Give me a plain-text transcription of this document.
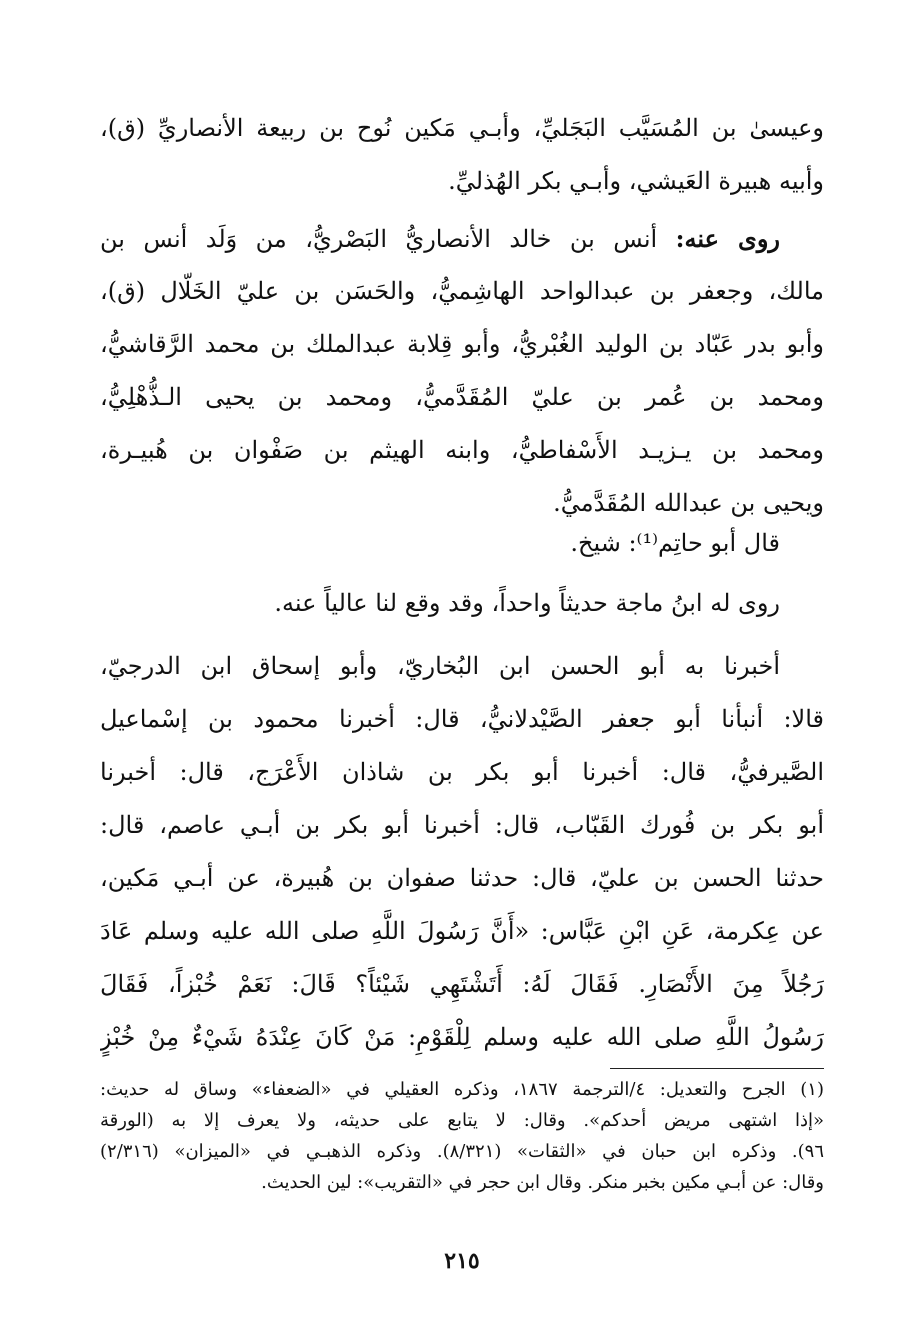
وعيسىٰ بن المُسَيَّب البَجَليِّ، وأبـي مَكين نُوح بن ربيعة الأنصاريِّ (ق)،
وأبيه هبيرة العَيشي، وأبـي بكر الهُذليِّ.
روى عنه: أنس بن خالد الأنصاريُّ البَصْريُّ، من وَلَد أنس بن
مالك، وجعفر بن عبدالواحد الهاشِميُّ، والحَسَن بن عليّ الخَلّال (ق)،
وأبو بدر عَبّاد بن الوليد الغُبْريُّ، وأبو قِلابة عبدالملك بن محمد الرَّقاشيُّ،
ومحمد بن عُمر بن عليّ المُقَدَّميُّ، ومحمد بن يحيى الـذُّهْلِيُّ،
ومحمد بن يـزيـد الأَسْفاطيُّ، وابنه الهيثم بن صَفْوان بن هُبيـرة،
ويحيى بن عبدالله المُقَدَّميُّ.
قال أبو حاتِم⁽¹⁾: شيخ.
روى له ابنُ ماجة حديثاً واحداً، وقد وقع لنا عالياً عنه.
أخبرنا به أبو الحسن ابن البُخاريّ، وأبو إسحاق ابن الدرجيّ،
قالا: أنبأنا أبو جعفر الصَّيْدلانيُّ، قال: أخبرنا محمود بن إسْماعيل
الصَّيرفيُّ، قال: أخبرنا أبو بكر بن شاذان الأَعْرَج، قال: أخبرنا
أبو بكر بن فُورك القَبّاب، قال: أخبرنا أبو بكر بن أبـي عاصم، قال:
حدثنا الحسن بن عليّ، قال: حدثنا صفوان بن هُبيرة، عن أبـي مَكين،
عن عِكرمة، عَنِ ابْنِ عَبَّاس: «أَنَّ رَسُولَ اللَّهِ صلى الله عليه وسلم عَادَ
رَجُلاً مِنَ الأَنْصَارِ. فَقَالَ لَهُ: أَتَشْتَهِي شَيْئاً؟ قَالَ: نَعَمْ خُبْزاً، فَقَالَ
رَسُولُ اللَّهِ صلى الله عليه وسلم لِلْقَوْمِ: مَنْ كَانَ عِنْدَهُ شَيْءٌ مِنْ خُبْزٍ
(١) الجرح والتعديل: ٤/الترجمة ١٨٦٧، وذكره العقيلي في «الضعفاء» وساق له حديث:
«إذا اشتهى مريض أحدكم». وقال: لا يتابع على حديثه، ولا يعرف إلا به (الورقة
٩٦). وذكره ابن حبان في «الثقات» (٨/٣٢١). وذكره الذهبـي في «الميزان» (٢/٣١٦)
وقال: عن أبـي مكين بخبر منكر. وقال ابن حجر في «التقريب»: لين الحديث.
٢١٥
